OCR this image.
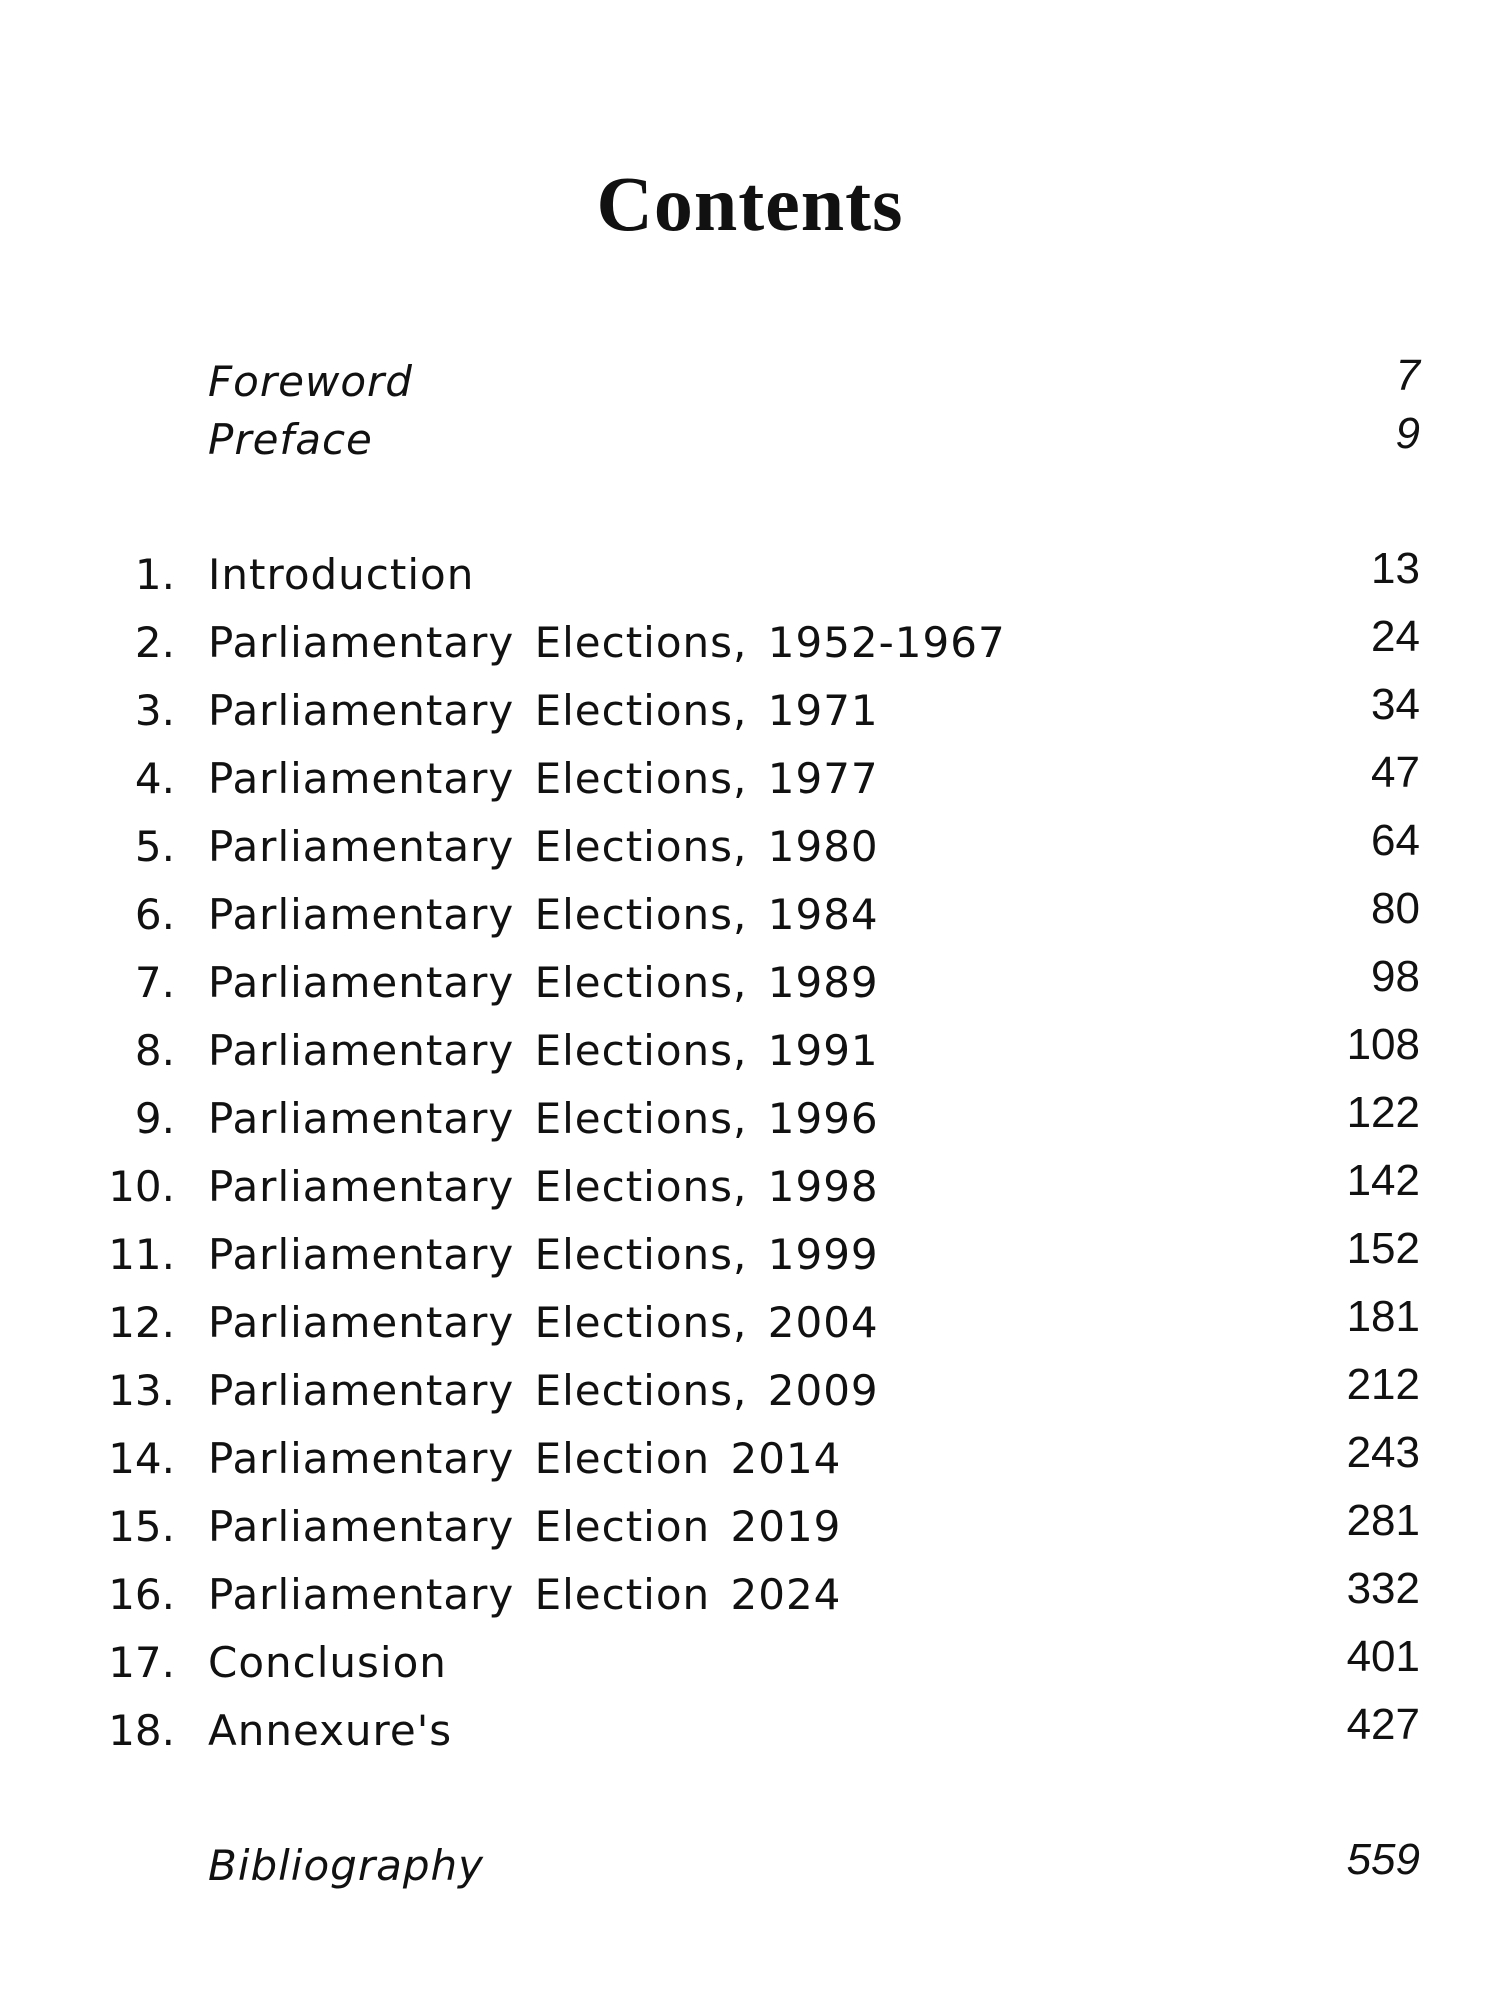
Contents
Foreword	7
Preface	9
1. Introduction	13
2. Parliamentary Elections, 1952-1967	24
3. Parliamentary Elections, 1971	34
4. Parliamentary Elections, 1977	47
5. Parliamentary Elections, 1980	64
6. Parliamentary Elections, 1984	80
7. Parliamentary Elections, 1989	98
8. Parliamentary Elections, 1991	108
9. Parliamentary Elections, 1996	122
10. Parliamentary Elections, 1998	142
11. Parliamentary Elections, 1999	152
12. Parliamentary Elections, 2004	181
13. Parliamentary Elections, 2009	212
14. Parliamentary Election 2014	243
15. Parliamentary Election 2019	281
16. Parliamentary Election 2024	332
17. Conclusion	401
18. Annexure's	427
Bibliography	559
